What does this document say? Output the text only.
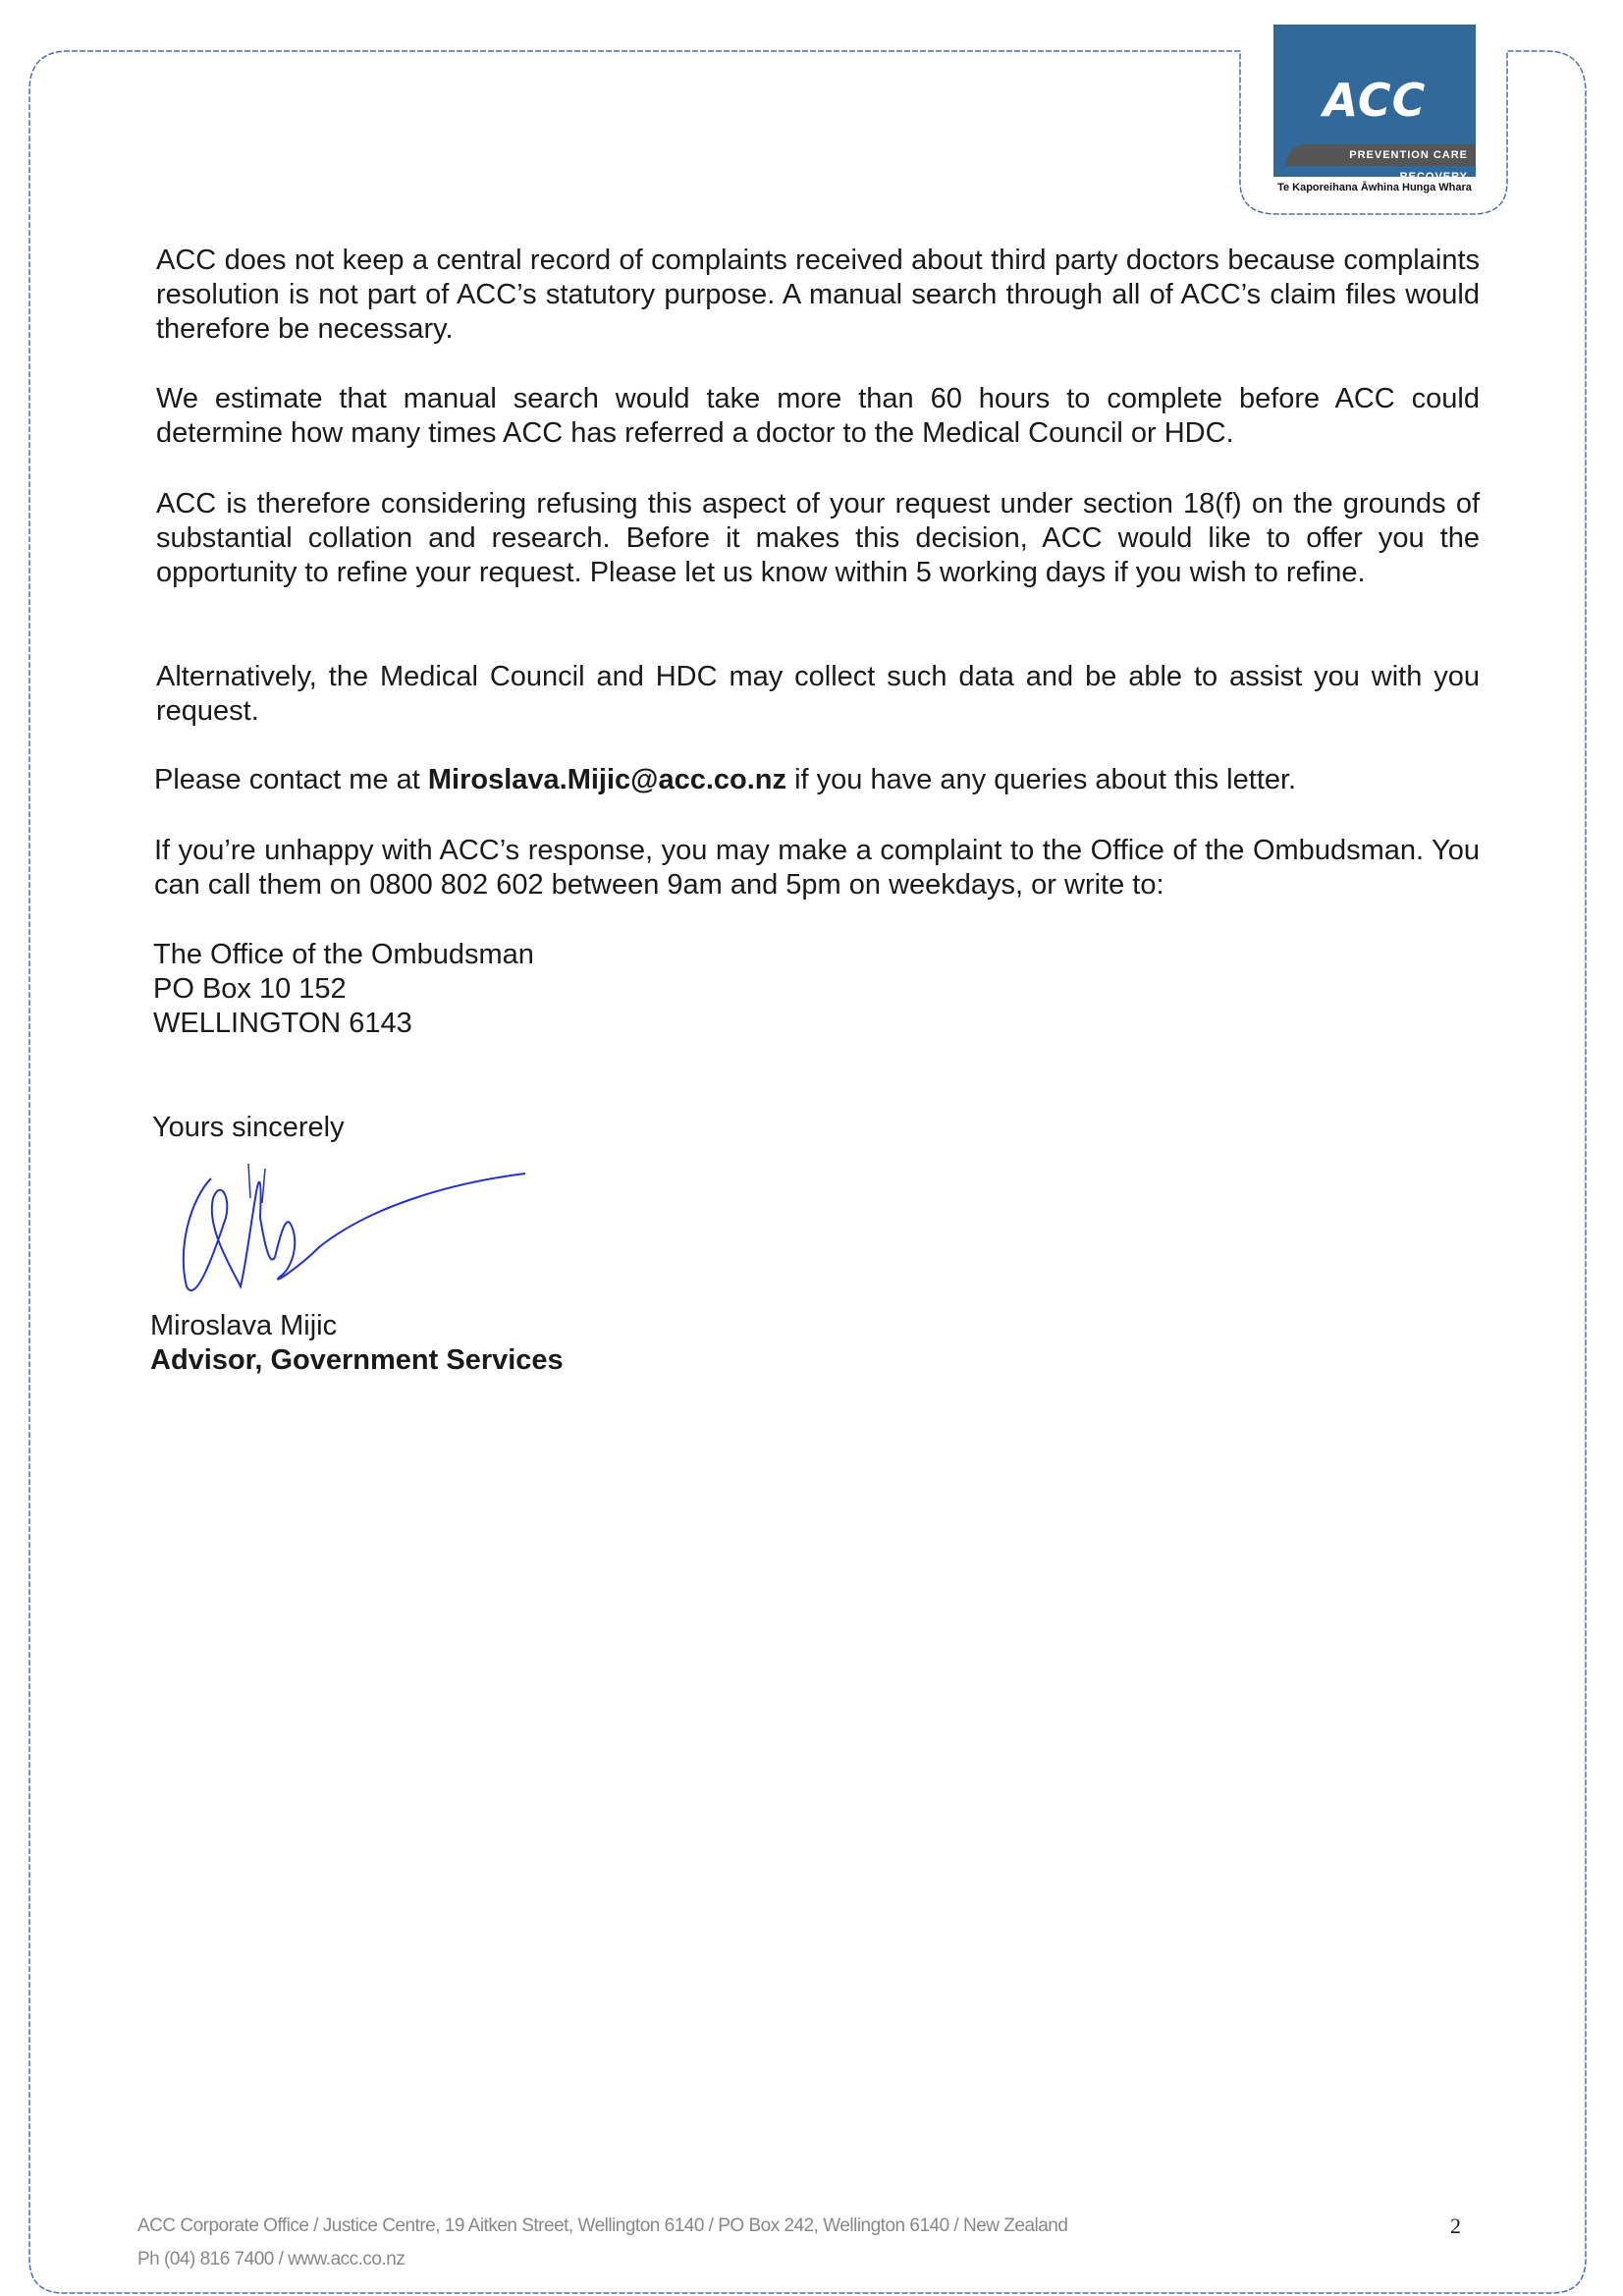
ACC
PREVENTION CARE RECOVERY
Te Kaporeihana Āwhina Hunga Whara

ACC does not keep a central record of complaints received about third party doctors because complaints resolution is not part of ACC’s statutory purpose. A manual search through all of ACC’s claim files would therefore be necessary.

We estimate that manual search would take more than 60 hours to complete before ACC could determine how many times ACC has referred a doctor to the Medical Council or HDC.

ACC is therefore considering refusing this aspect of your request under section 18(f) on the grounds of substantial collation and research. Before it makes this decision, ACC would like to offer you the opportunity to refine your request. Please let us know within 5 working days if you wish to refine.

Alternatively, the Medical Council and HDC may collect such data and be able to assist you with you request.

Please contact me at Miroslava.Mijic@acc.co.nz if you have any queries about this letter.

If you’re unhappy with ACC’s response, you may make a complaint to the Office of the Ombudsman. You can call them on 0800 802 602 between 9am and 5pm on weekdays, or write to:

The Office of the Ombudsman
PO Box 10 152
WELLINGTON 6143
Yours sincerely
Miroslava Mijic
Advisor, Government Services
ACC Corporate Office / Justice Centre, 19 Aitken Street, Wellington 6140 / PO Box 242, Wellington 6140 / New Zealand
Ph (04) 816 7400 / www.acc.co.nz
2
